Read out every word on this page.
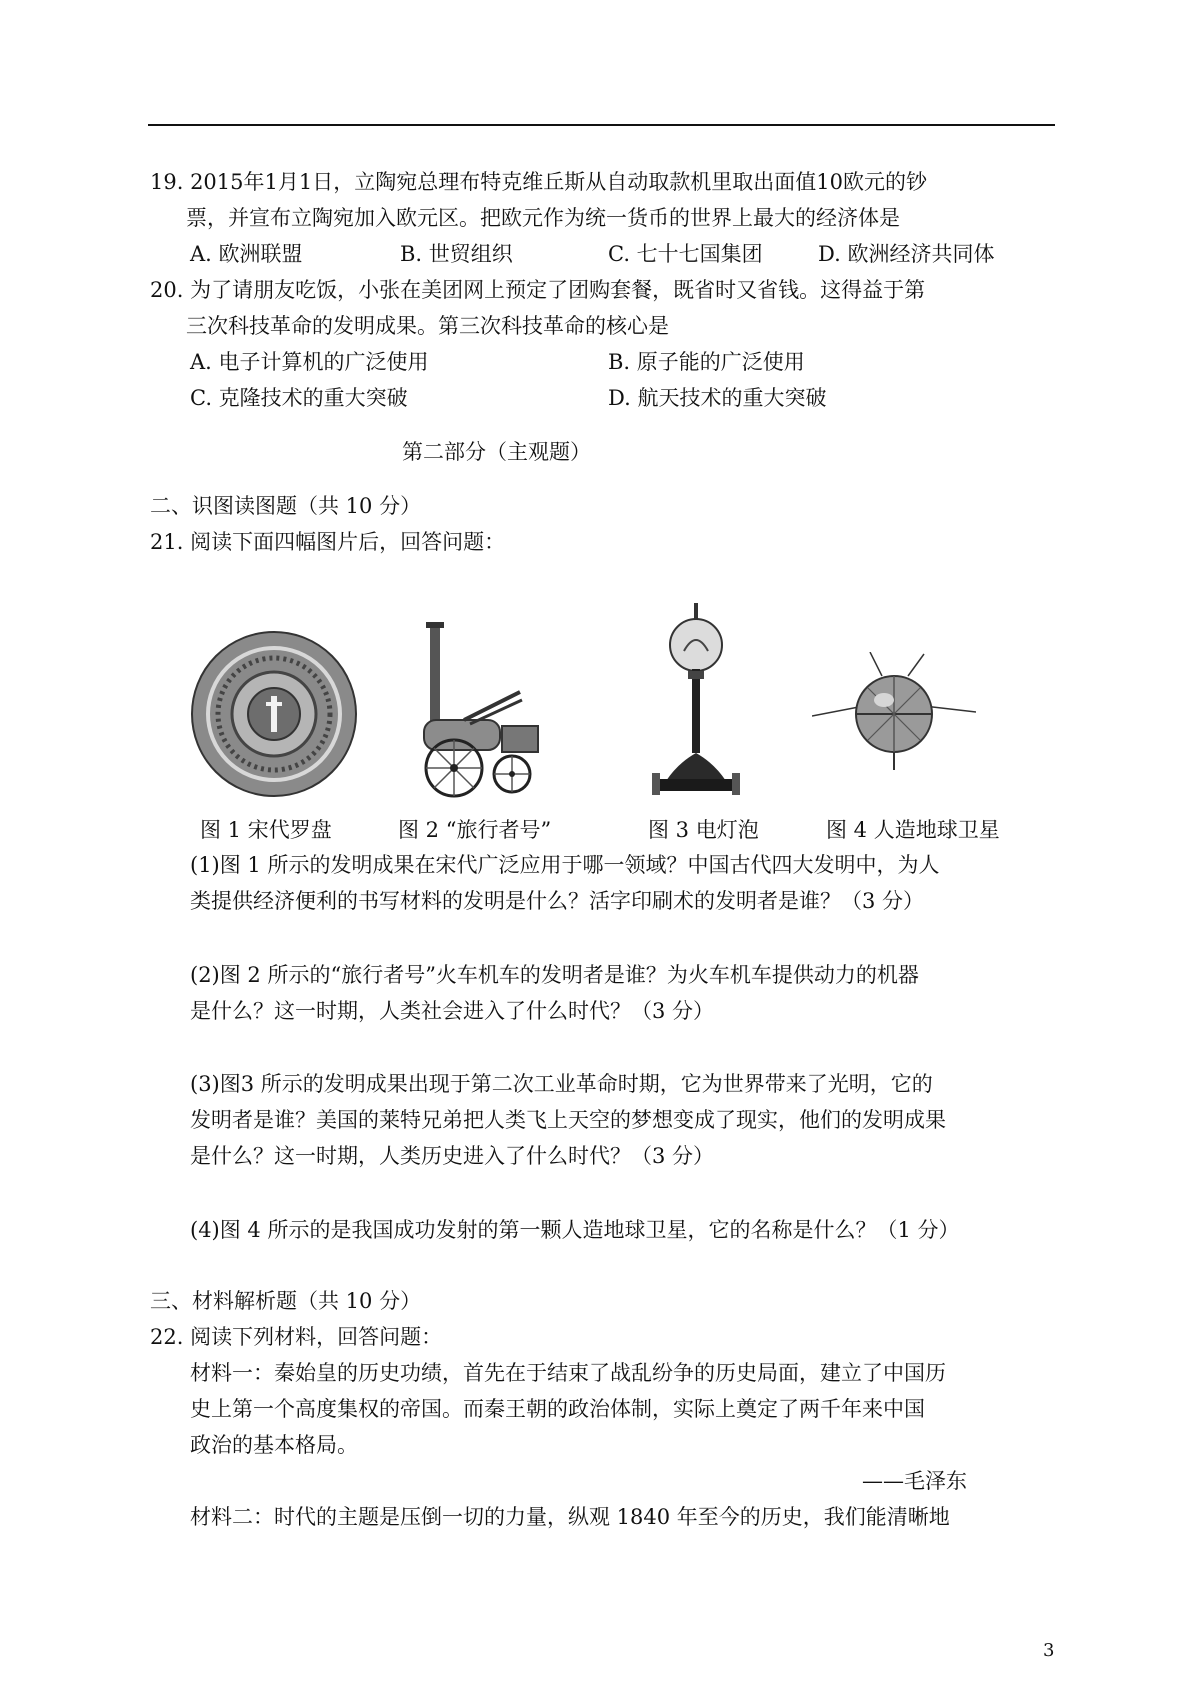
19. 2015年1月1日，立陶宛总理布特克维丘斯从自动取款机里取出面值10欧元的钞
票，并宣布立陶宛加入欧元区。把欧元作为统一货币的世界上最大的经济体是
A. 欧洲联盟	B. 世贸组织	C. 七十七国集团	D. 欧洲经济共同体
20. 为了请朋友吃饭，小张在美团网上预定了团购套餐，既省时又省钱。这得益于第
三次科技革命的发明成果。第三次科技革命的核心是
A. 电子计算机的广泛使用	B. 原子能的广泛使用
C. 克隆技术的重大突破	D. 航天技术的重大突破
第二部分（主观题）
二、识图读图题（共 10 分）
21. 阅读下面四幅图片后，回答问题：
图 1 宋代罗盘	图 2 “旅行者号”	图 3 电灯泡	图 4 人造地球卫星
(1)图 1 所示的发明成果在宋代广泛应用于哪一领域？中国古代四大发明中，为人
类提供经济便利的书写材料的发明是什么？活字印刷术的发明者是谁？（3 分）
(2)图 2 所示的“旅行者号”火车机车的发明者是谁？为火车机车提供动力的机器
是什么？这一时期，人类社会进入了什么时代？（3 分）
(3)图3 所示的发明成果出现于第二次工业革命时期，它为世界带来了光明，它的
发明者是谁？美国的莱特兄弟把人类飞上天空的梦想变成了现实，他们的发明成果
是什么？这一时期，人类历史进入了什么时代？（3 分）
(4)图 4 所示的是我国成功发射的第一颗人造地球卫星，它的名称是什么？（1 分）
三、材料解析题（共 10 分）
22. 阅读下列材料，回答问题：
材料一：秦始皇的历史功绩，首先在于结束了战乱纷争的历史局面，建立了中国历
史上第一个高度集权的帝国。而秦王朝的政治体制，实际上奠定了两千年来中国
政治的基本格局。
——毛泽东
材料二：时代的主题是压倒一切的力量，纵观 1840 年至今的历史，我们能清晰地
3
